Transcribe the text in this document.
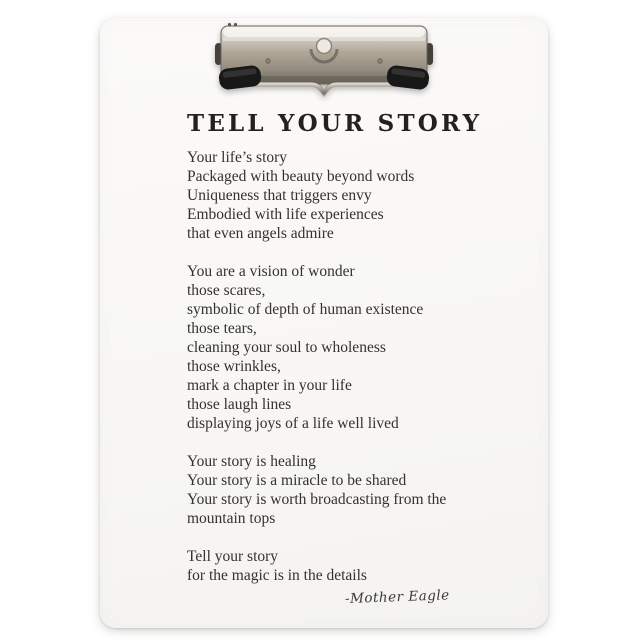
TELL YOUR STORY

Your life’s story
Packaged with beauty beyond words
Uniqueness that triggers envy
Embodied with life experiences
that even angels admire

You are a vision of wonder
those scares,
symbolic of depth of human existence
those tears,
cleaning your soul to wholeness
those wrinkles,
mark a chapter in your life
those laugh lines
displaying joys of a life well lived

Your story is healing
Your story is a miracle to be shared
Your story is worth broadcasting from the
mountain tops

Tell your story
for the magic is in the details

-Mother Eagle
